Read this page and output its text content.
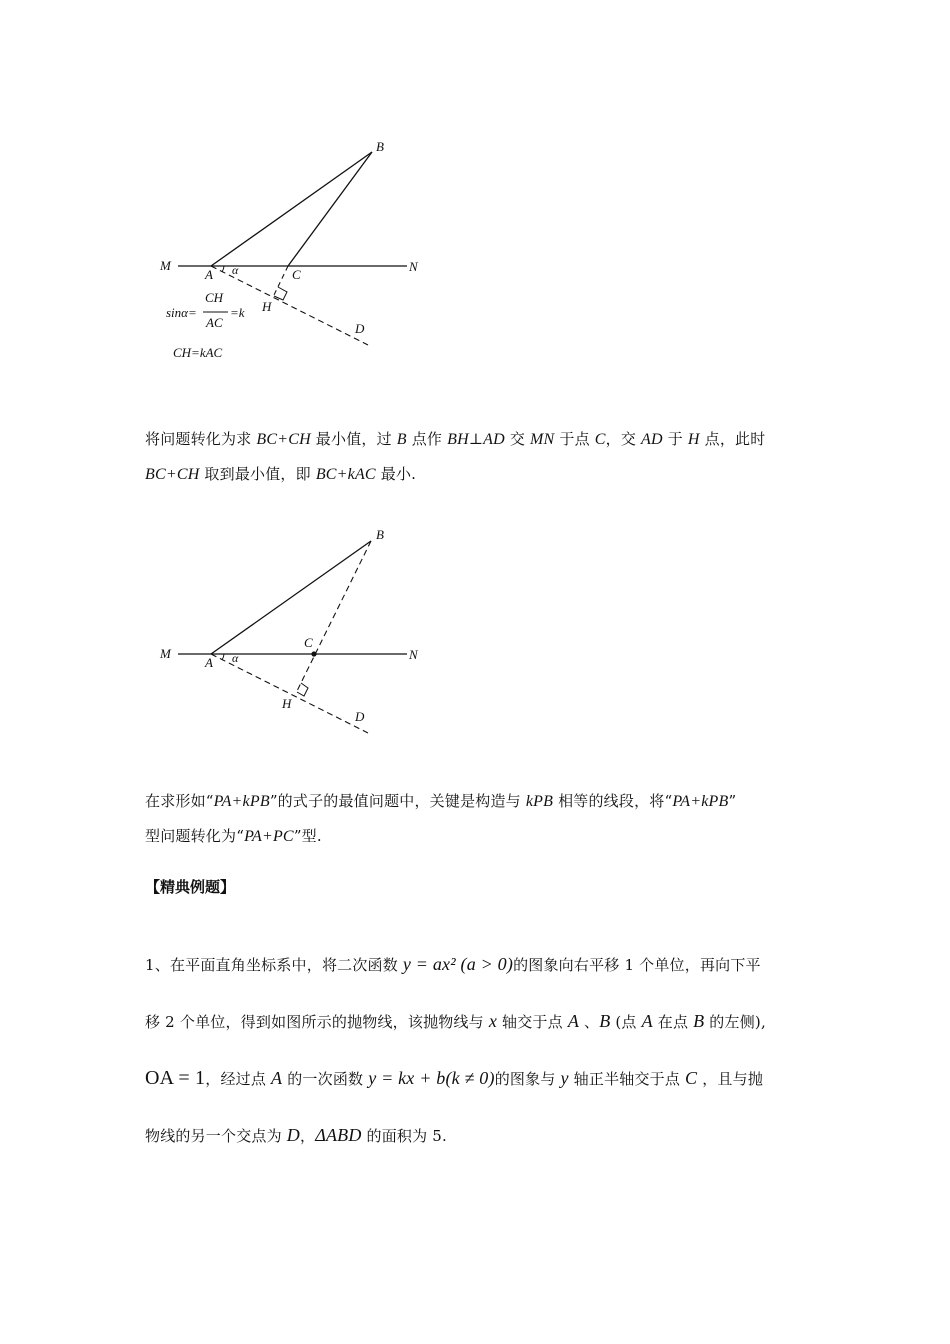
B
M
A α	C
N
H
D
sinα=
CH
AC
=k
CH=kAC
将问题转化为求 BC+CH 最小值，过 B 点作 BH⊥AD 交 MN 于点 C，交 AD 于 H 点，此时
BC+CH 取到最小值，即 BC+kAC 最小.
B
C
M
A α	N
H
D
在求形如“PA+kPB”的式子的最值问题中，关键是构造与 kPB 相等的线段，将“PA+kPB”
型问题转化为“PA+PC”型.
【精典例题】
1、在平面直角坐标系中，将二次函数 y = ax² (a > 0)的图象向右平移 1 个单位，再向下平
移 2 个单位，得到如图所示的抛物线，该抛物线与 x 轴交于点 A 、B (点 A 在点 B 的左侧),
OA = 1，经过点 A 的一次函数 y = kx + b(k ≠ 0)的图象与 y 轴正半轴交于点 C ，且与抛
物线的另一个交点为 D，ΔABD 的面积为 5.
